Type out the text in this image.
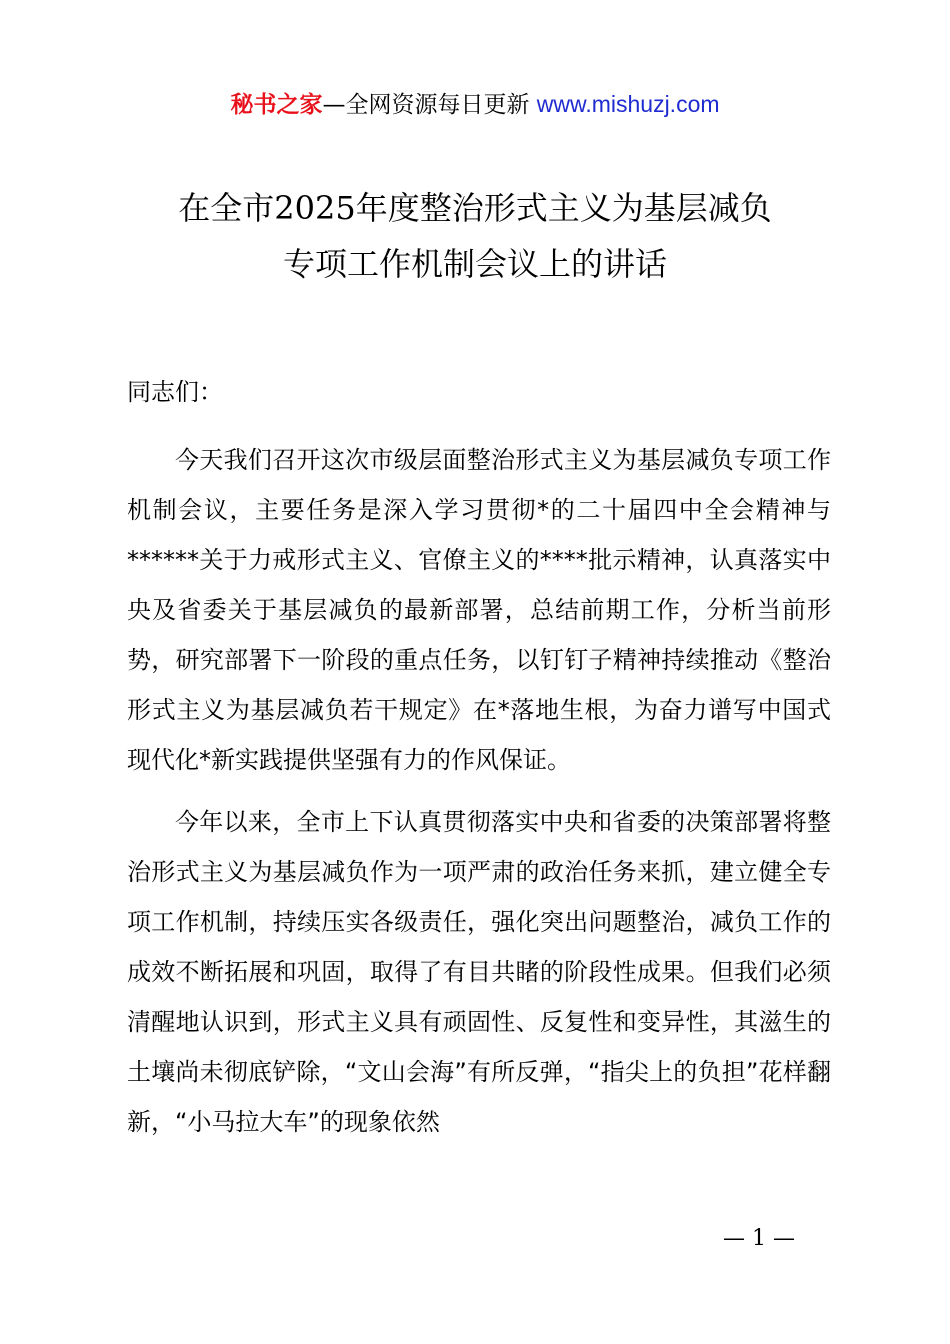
秘书之家—全网资源每日更新 www.mishuzj.com
在全市2025年度整治形式主义为基层减负
专项工作机制会议上的讲话
同志们：

今天我们召开这次市级层面整治形式主义为基层减负专项工作机制会议，主要任务是深入学习贯彻*的二十届四中全会精神与******关于力戒形式主义、官僚主义的****批示精神，认真落实中央及省委关于基层减负的最新部署，总结前期工作，分析当前形势，研究部署下一阶段的重点任务，以钉钉子精神持续推动《整治形式主义为基层减负若干规定》在*落地生根，为奋力谱写中国式现代化*新实践提供坚强有力的作风保证。

今年以来，全市上下认真贯彻落实中央和省委的决策部署将整治形式主义为基层减负作为一项严肃的政治任务来抓，建立健全专项工作机制，持续压实各级责任，强化突出问题整治，减负工作的成效不断拓展和巩固，取得了有目共睹的阶段性成果。但我们必须清醒地认识到，形式主义具有顽固性、反复性和变异性，其滋生的土壤尚未彻底铲除，“文山会海”有所反弹，“指尖上的负担”花样翻新，“小马拉大车”的现象依然

— 1 —
